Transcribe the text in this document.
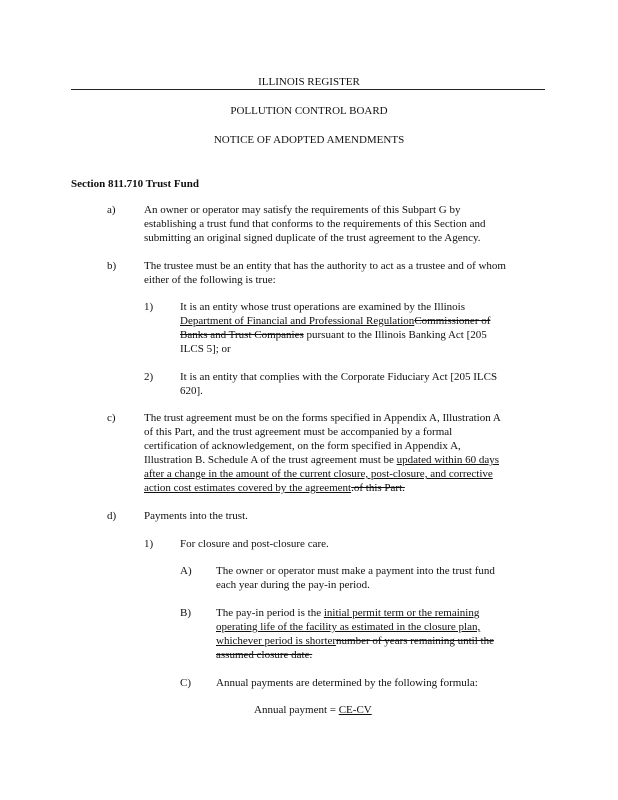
ILLINOIS REGISTER
POLLUTION CONTROL BOARD
NOTICE OF ADOPTED AMENDMENTS
Section 811.710 Trust Fund
a)	An owner or operator may satisfy the requirements of this Subpart G by
establishing a trust fund that conforms to the requirements of this Section and
submitting an original signed duplicate of the trust agreement to the Agency.
b)	The trustee must be an entity that has the authority to act as a trustee and of whom
either of the following is true:
1) It is an entity whose trust operations are examined by the Illinois
Department of Financial and Professional RegulationCommissioner of
Banks and Trust Companies pursuant to the Illinois Banking Act [205
ILCS 5]; or
2) It is an entity that complies with the Corporate Fiduciary Act [205 ILCS
620].
c)	The trust agreement must be on the forms specified in Appendix A, Illustration A
of this Part, and the trust agreement must be accompanied by a formal
certification of acknowledgement, on the form specified in Appendix A,
Illustration B. Schedule A of the trust agreement must be updated within 60 days
after a change in the amount of the current closure, post-closure, and corrective
action cost estimates covered by the agreement.of this Part.
d)	Payments into the trust.
1) For closure and post-closure care.
A) The owner or operator must make a payment into the trust fund
each year during the pay-in period.
B) The pay-in period is the initial permit term or the remaining
operating life of the facility as estimated in the closure plan,
whichever period is shorternumber of years remaining until the
assumed closure date.
C) Annual payments are determined by the following formula:
Annual payment = CE-CV
